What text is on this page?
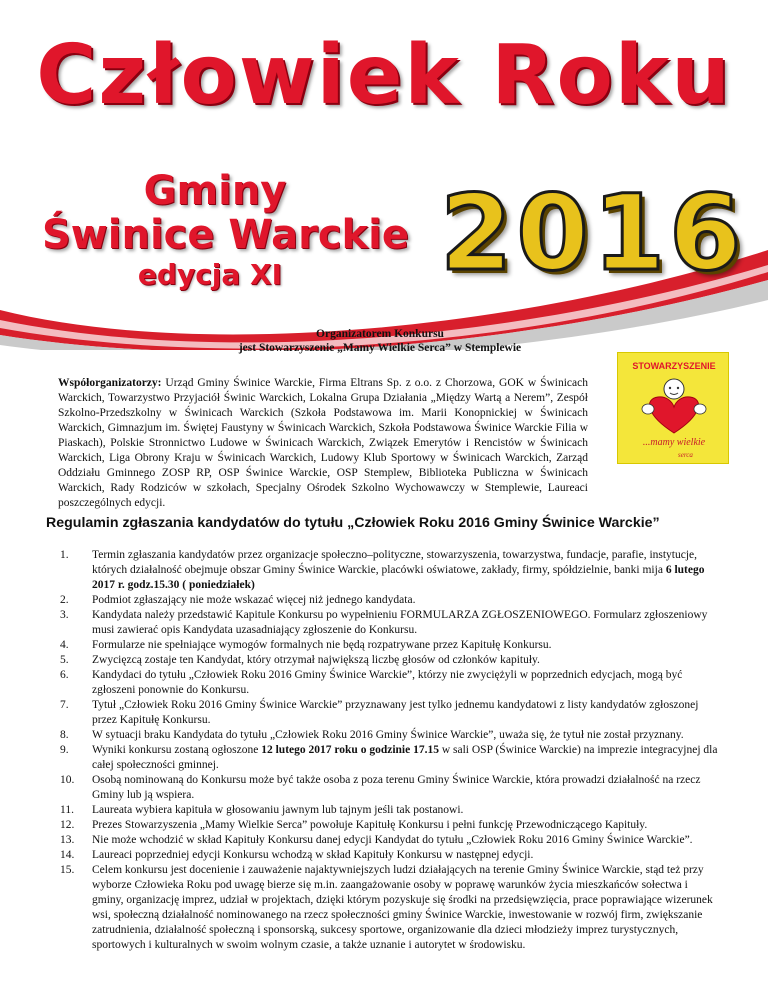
Człowiek Roku
Gminy
Świnice Warckie
edycja XI	2016
Organizatorem Konkursu
jest Stowarzyszenie „Mamy Wielkie Serca” w Stemplewie
Współorganizatorzy: Urząd Gminy Świnice Warckie, Firma Eltrans Sp. z o.o. z Chorzowa, GOK w Świnicach Warckich, Towarzystwo Przyjaciół Świnic Warckich, Lokalna Grupa Działania „Między Wartą a Nerem”, Zespół Szkolno-Przedszkolny w Świnicach Warckich (Szkoła Podstawowa im. Marii Konopnickiej w Świnicach Warckich, Gimnazjum im. Świętej Faustyny w Świnicach Warckich, Szkoła Podstawowa Świnice Warckie Filia w Piaskach), Polskie Stronnictwo Ludowe w Świnicach Warckich, Związek Emerytów i Rencistów w Świnicach Warckich, Liga Obrony Kraju w Świnicach Warckich, Ludowy Klub Sportowy w Świnicach Warckich, Zarząd Oddziału Gminnego ZOSP RP, OSP Świnice Warckie, OSP Stemplew, Biblioteka Publiczna w Świnicach Warckich, Rady Rodziców w szkołach, Specjalny Ośrodek Szkolno Wychowawczy w Stemplewie, Laureaci poszczególnych edycji.
STOWARZYSZENIE
...mamy wielkie
serca
Regulamin zgłaszania kandydatów do tytułu „Człowiek Roku 2016 Gminy Świnice Warckie”
1.	Termin zgłaszania kandydatów przez organizacje społeczno–polityczne, stowarzyszenia, towarzystwa, fundacje, parafie, instytucje, których działalność obejmuje obszar Gminy Świnice Warckie, placówki oświatowe, zakłady, firmy, spółdzielnie, banki mija 6 lutego 2017 r. godz.15.30 ( poniedziałek)
2.	Podmiot zgłaszający nie może wskazać więcej niż jednego kandydata.
3.	Kandydata należy przedstawić Kapitule Konkursu po wypełnieniu FORMULARZA ZGŁOSZENIOWEGO. Formularz zgłoszeniowy musi zawierać opis Kandydata uzasadniający zgłoszenie do Konkursu.
4.	Formularze nie spełniające wymogów formalnych nie będą rozpatrywane przez Kapitułę Konkursu.
5.	Zwycięzcą zostaje ten Kandydat, który otrzymał największą liczbę głosów od członków kapituły.
6.	Kandydaci do tytułu „Człowiek Roku 2016 Gminy Świnice Warckie”, którzy nie zwyciężyli w poprzednich edycjach, mogą być zgłoszeni ponownie do Konkursu.
7.	Tytuł „Człowiek Roku 2016 Gminy Świnice Warckie” przyznawany jest tylko jednemu kandydatowi z listy kandydatów zgłoszonej przez Kapitułę Konkursu.
8.	W sytuacji braku Kandydata do tytułu „Człowiek Roku 2016 Gminy Świnice Warckie”, uważa się, że tytuł nie został przyznany.
9.	Wyniki konkursu zostaną ogłoszone 12 lutego 2017 roku o godzinie 17.15 w sali OSP (Świnice Warckie) na imprezie integracyjnej dla całej społeczności gminnej.
10.	Osobą nominowaną do Konkursu może być także osoba z poza terenu Gminy Świnice Warckie, która prowadzi działalność na rzecz Gminy lub ją wspiera.
11.	Laureata wybiera kapituła w głosowaniu jawnym lub tajnym jeśli tak postanowi.
12.	Prezes Stowarzyszenia „Mamy Wielkie Serca” powołuje Kapitułę Konkursu i pełni funkcję Przewodniczącego Kapituły.
13.	Nie może wchodzić w skład Kapituły Konkursu danej edycji Kandydat do tytułu „Człowiek Roku 2016 Gminy Świnice Warckie”.
14.	Laureaci poprzedniej edycji Konkursu wchodzą w skład Kapituły Konkursu w następnej edycji.
15.	Celem konkursu jest docenienie i zauważenie najaktywniejszych ludzi działających na terenie Gminy Świnice Warckie, stąd też przy wyborze Człowieka Roku pod uwagę bierze się m.in. zaangażowanie osoby w poprawę warunków życia mieszkańców sołectwa i gminy, organizację imprez, udział w projektach, dzięki którym pozyskuje się środki na przedsięwzięcia, prace poprawiające wizerunek wsi, społeczną działalność nominowanego na rzecz społeczności gminy Świnice Warckie, inwestowanie w rozwój firm, zwiększanie zatrudnienia, działalność społeczną i sponsorską, sukcesy sportowe, organizowanie dla dzieci młodzieży imprez turystycznych, sportowych i kulturalnych w swoim wolnym czasie, a także uznanie i autorytet w środowisku.
